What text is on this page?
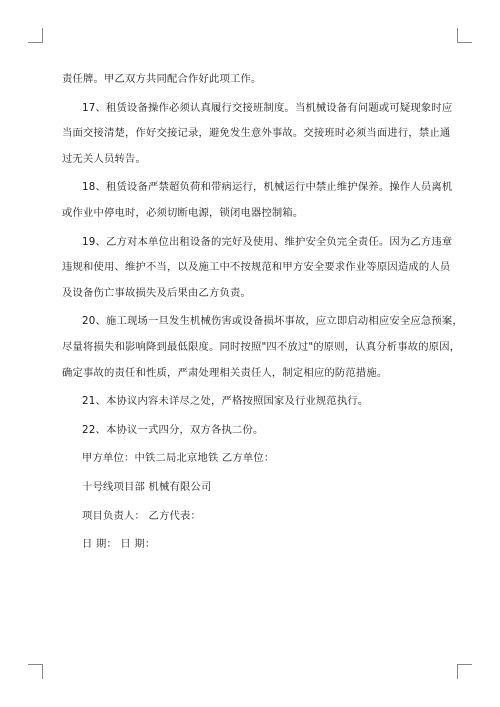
责任牌。甲乙双方共同配合作好此项工作。
17、租赁设备操作必须认真履行交接班制度。当机械设备有问题或可疑现象时应
当面交接清楚，作好交接记录，避免发生意外事故。交接班时必须当面进行，禁止通
过无关人员转告。
18、租赁设备严禁超负荷和带病运行，机械运行中禁止维护保养。操作人员离机
或作业中停电时，必须切断电源，锁闭电器控制箱。
19、乙方对本单位出租设备的完好及使用、维护安全负完全责任。因为乙方违章
违规和使用、维护不当，以及施工中不按规范和甲方安全要求作业等原因造成的人员
及设备伤亡事故损失及后果由乙方负责。
20、施工现场一旦发生机械伤害或设备损坏事故，应立即启动相应安全应急预案，
尽量将损失和影响降到最低限度。同时按照"四不放过"的原则，认真分析事故的原因，
确定事故的责任和性质，严肃处理相关责任人，制定相应的防范措施。
21、本协议内容未详尽之处，严格按照国家及行业规范执行。
22、本协议一式四分，双方各执二份。
甲方单位：中铁二局北京地铁 乙方单位：
十号线项目部 机械有限公司
项目负责人： 乙方代表：
日 期： 日 期：
